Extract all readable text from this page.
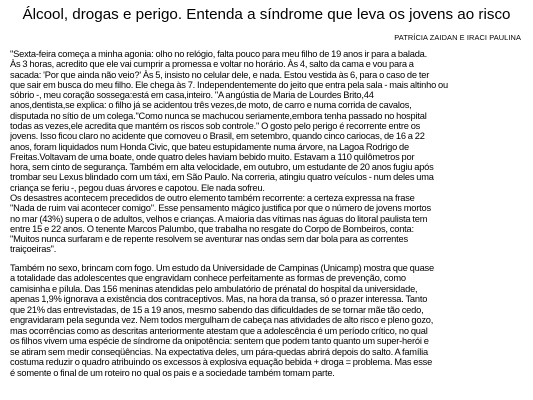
Álcool, drogas e perigo. Entenda a síndrome que leva os jovens ao risco
PATRÍCIA ZAIDAN E IRACI PAULINA
"Sexta-feira começa a minha agonia: olho no relógio, falta pouco para meu filho de 19 anos ir para a balada.
Às 3 horas, acredito que ele vai cumprir a promessa e voltar no horário. Às 4, salto da cama e vou para a
sacada: 'Por que ainda não veio?' Às 5, insisto no celular dele, e nada. Estou vestida às 6, para o caso de ter
que sair em busca do meu filho. Ele chega às 7. Independentemente do jeito que entra pela sala - mais altinho ou
sóbrio -, meu coração sossega:está em casa,inteiro. "A angústia de Maria de Lourdes Brito,44
anos,dentista,se explica: o filho já se acidentou três vezes,de moto, de carro e numa corrida de cavalos,
disputada no sítio de um colega."Como nunca se machucou seriamente,embora tenha passado no hospital
todas as vezes,ele acredita que mantém os riscos sob controle." O gosto pelo perigo é recorrente entre os
jovens. Isso ficou claro no acidente que comoveu o Brasil, em setembro, quando cinco cariocas, de 16 a 22
anos, foram liquidados num Honda Civic, que bateu estupidamente numa árvore, na Lagoa Rodrigo de
Freitas.Voltavam de uma boate, onde quatro deles haviam bebido muito. Estavam a 110 quilômetros por
hora, sem cinto de segurança. Também em alta velocidade, em outubro, um estudante de 20 anos fugiu após
trombar seu Lexus blindado com um táxi, em São Paulo. Na correria, atingiu quatro veículos - num deles uma
criança se feriu -, pegou duas árvores e capotou. Ele nada sofreu.
Os desastres acontecem precedidos de outro elemento também recorrente: a certeza expressa na frase
"Nada de ruim vai acontecer comigo". Esse pensamento mágico justifica por que o número de jovens mortos
no mar (43%) supera o de adultos, velhos e crianças. A maioria das vítimas nas águas do litoral paulista tem
entre 15 e 22 anos. O tenente Marcos Palumbo, que trabalha no resgate do Corpo de Bombeiros, conta:
"Muitos nunca surfaram e de repente resolvem se aventurar nas ondas sem dar bola para as correntes
traiçoeiras".
Também no sexo, brincam com fogo. Um estudo da Universidade de Campinas (Unicamp) mostra que quase
a totalidade das adolescentes que engravidam conhece perfeitamente as formas de prevenção, como
camisinha e pílula. Das 156 meninas atendidas pelo ambulatório de prénatal do hospital da universidade,
apenas 1,9% ignorava a existência dos contraceptivos. Mas, na hora da transa, só o prazer interessa. Tanto
que 21% das entrevistadas, de 15 a 19 anos, mesmo sabendo das dificuldades de se tornar mãe tão cedo,
engravidaram pela segunda vez. Nem todos mergulham de cabeça nas atividades de alto risco e pleno gozo,
mas ocorrências como as descritas anteriormente atestam que a adolescência é um período crítico, no qual
os filhos vivem uma espécie de síndrome da onipotência: sentem que podem tanto quanto um super-herói e
se atiram sem medir conseqüências. Na expectativa deles, um pára-quedas abrirá depois do salto. A família
costuma reduzir o quadro atribuindo os excessos à explosiva equação bebida + droga = problema. Mas esse
é somente o final de um roteiro no qual os pais e a sociedade também tomam parte.
